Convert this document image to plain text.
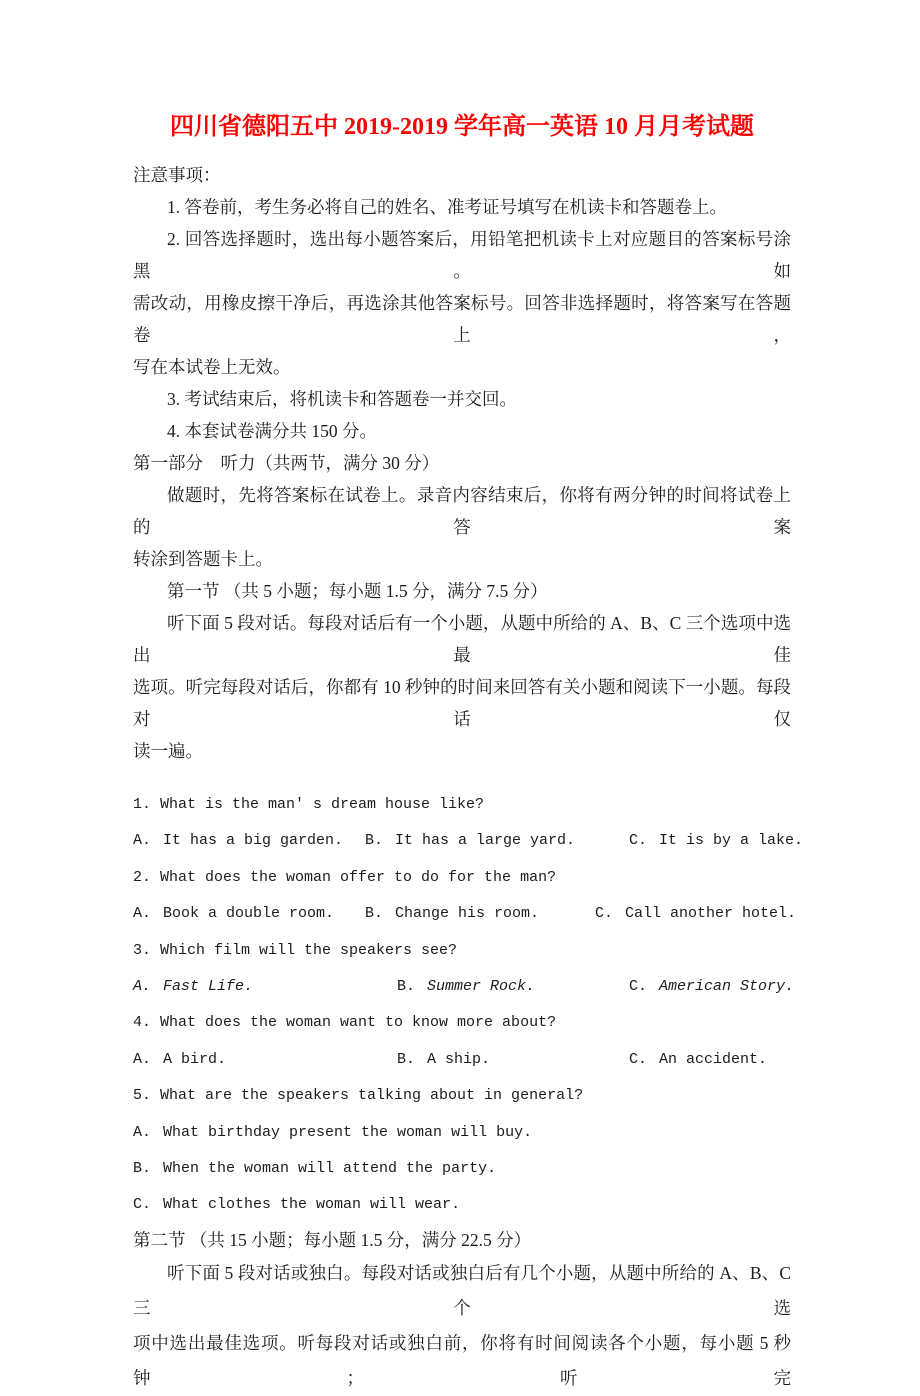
四川省德阳五中 2019-2019 学年高一英语 10 月月考试题
注意事项：
1. 答卷前，考生务必将自己的姓名、准考证号填写在机读卡和答题卷上。
2. 回答选择题时，选出每小题答案后，用铅笔把机读卡上对应题目的答案标号涂黑。如
需改动，用橡皮擦干净后，再选涂其他答案标号。回答非选择题时，将答案写在答题卷上，
写在本试卷上无效。
3. 考试结束后，将机读卡和答题卷一并交回。
4. 本套试卷满分共 150 分。
第一部分　听力（共两节，满分 30 分）
做题时，先将答案标在试卷上。录音内容结束后，你将有两分钟的时间将试卷上的答案
转涂到答题卡上。
第一节 （共 5 小题；每小题 1.5 分，满分 7.5 分）
听下面 5 段对话。每段对话后有一个小题，从题中所给的 A、B、C 三个选项中选出最佳
选项。听完每段对话后，你都有 10 秒钟的时间来回答有关小题和阅读下一小题。每段对话仅
读一遍。
1. What is the man' s dream house like?
A. It has a big garden. B. It has a large yard.	C. It is by a lake.
2. What does the woman offer to do for the man?
A. Book a double room. B. Change his room.	C. Call another hotel.
3. Which film will the speakers see?
A. Fast Life.	B. Summer Rock.	C. American Story.
4. What does the woman want to know more about?
A. A bird.	B. A ship.	C. An accident.
5. What are the speakers talking about in general?
A. What birthday present the woman will buy.
B. When the woman will attend the party.
C. What clothes the woman will wear.
第二节 （共 15 小题；每小题 1.5 分，满分 22.5 分）
听下面 5 段对话或独白。每段对话或独白后有几个小题，从题中所给的 A、B、C 三个选
项中选出最佳选项。听每段对话或独白前，你将有时间阅读各个小题，每小题 5 秒钟；听完
